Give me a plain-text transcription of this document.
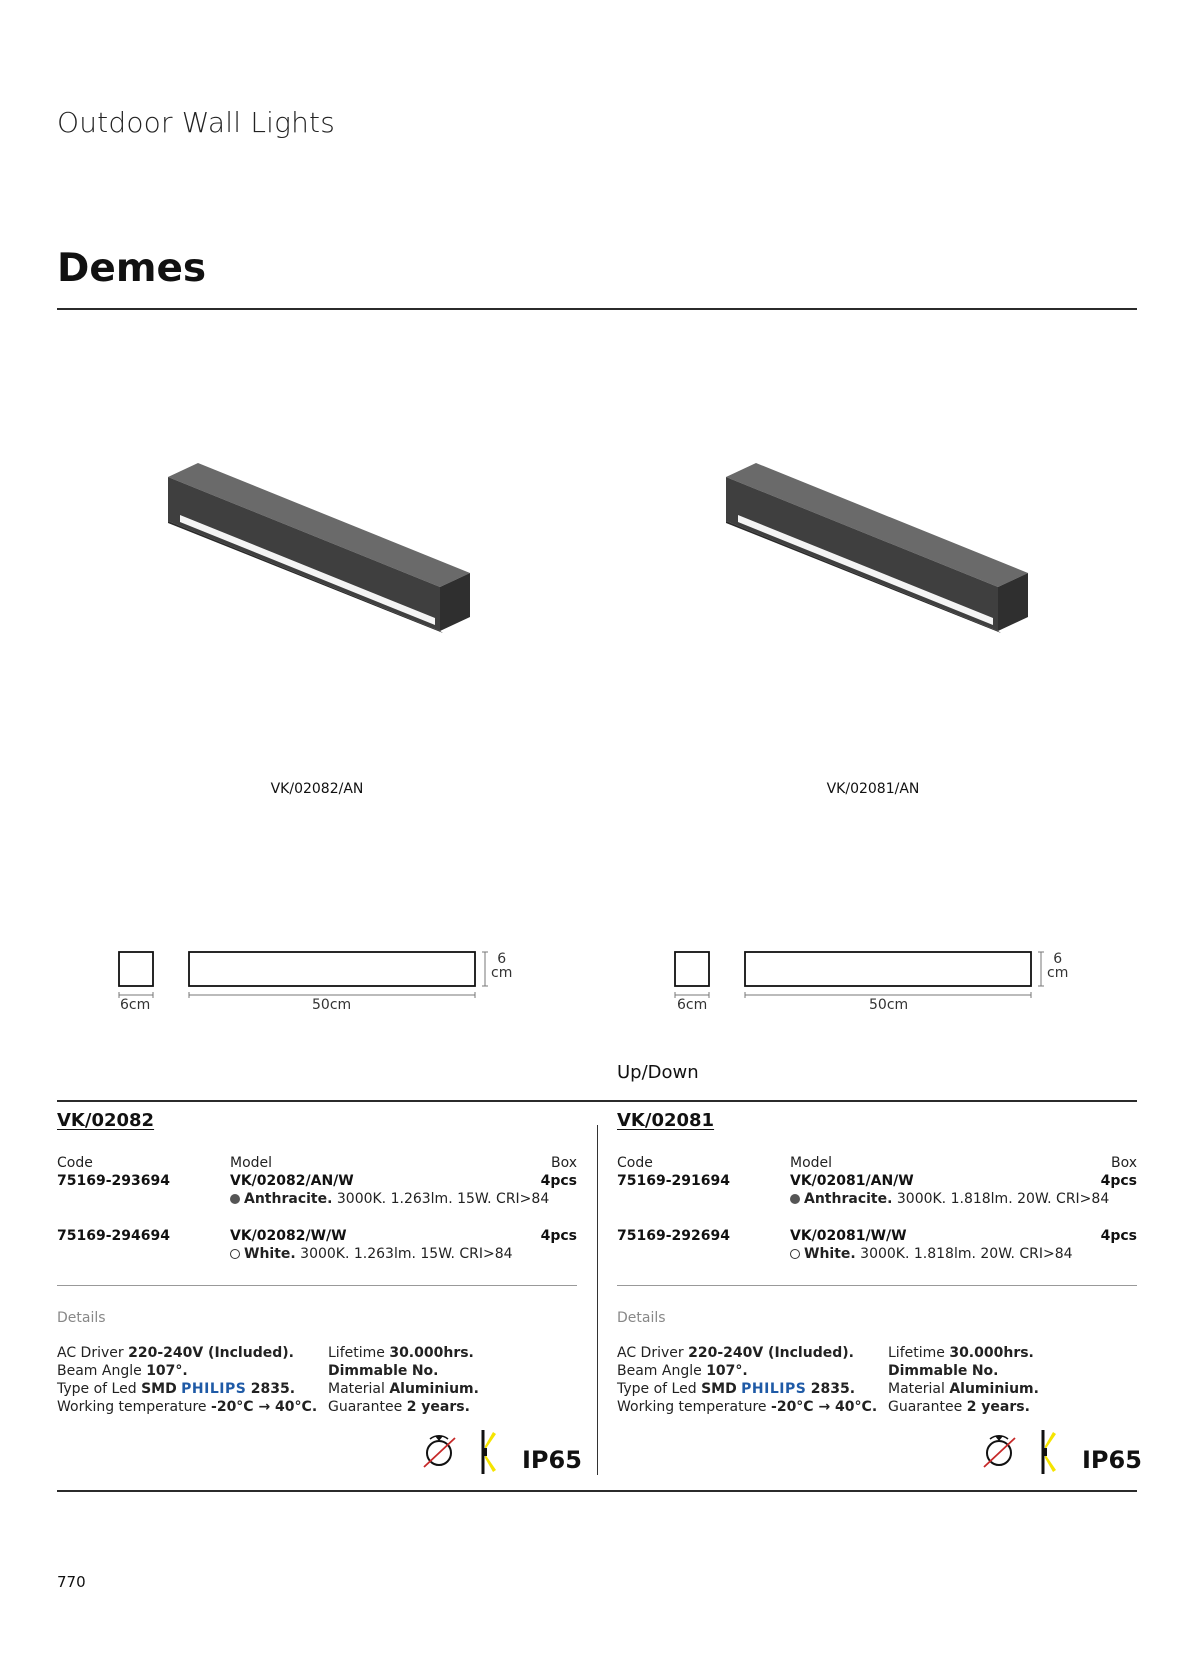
Outdoor Wall Lights
Demes
VK/02082/AN	VK/02081/AN
6cm	50cm
6
cm
6cm	50cm
6
cm
Up/Down
VK/02082
Code	Model	Box
75169-293694	VK/02082/AN/W	4pcs
Anthracite. 3000K. 1.263lm. 15W. CRI>84
75169-294694	VK/02082/W/W	4pcs
White. 3000K. 1.263lm. 15W. CRI>84
Details
AC Driver 220-240V (Included).
Beam Angle 107°.
Type of Led SMD PHILIPS 2835.
Working temperature -20°C → 40°C.
Lifetime 30.000hrs.
Dimmable No.
Material Aluminium.
Guarantee 2 years.
IP65
VK/02081
Code	Model	Box
75169-291694	VK/02081/AN/W	4pcs
Anthracite. 3000K. 1.818lm. 20W. CRI>84
75169-292694	VK/02081/W/W	4pcs
White. 3000K. 1.818lm. 20W. CRI>84
Details
AC Driver 220-240V (Included).
Beam Angle 107°.
Type of Led SMD PHILIPS 2835.
Working temperature -20°C → 40°C.
Lifetime 30.000hrs.
Dimmable No.
Material Aluminium.
Guarantee 2 years.
IP65
770
